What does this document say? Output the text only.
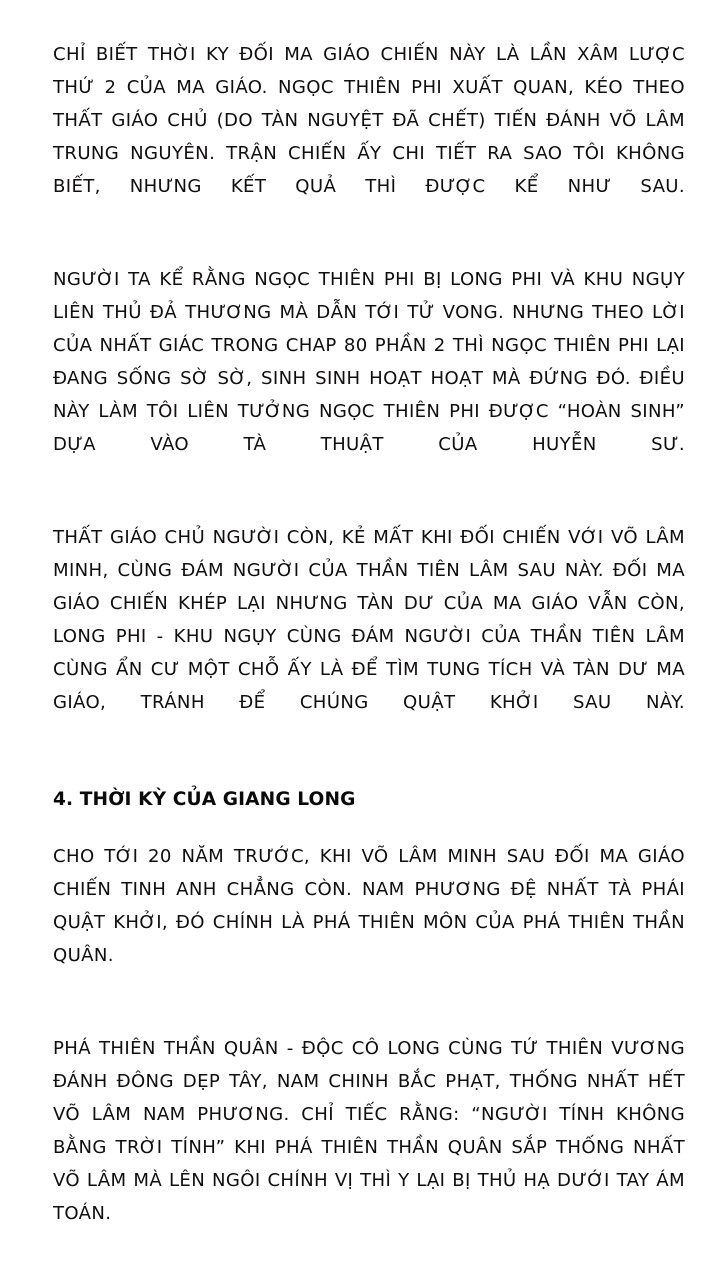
CHỈ BIẾT THỜI KY ĐỐI MA GIÁO CHIẾN NÀY LÀ LẦN XÂM LƯỢC THỨ 2 CỦA MA GIÁO. NGỌC THIÊN PHI XUẤT QUAN, KÉO THEO THẤT GIÁO CHỦ (DO TÀN NGUYỆT ĐÃ CHẾT) TIẾN ĐÁNH VÕ LÂM TRUNG NGUYÊN. TRẬN CHIẾN ẤY CHI TIẾT RA SAO TÔI KHÔNG BIẾT, NHƯNG KẾT QUẢ THÌ ĐƯỢC KỂ NHƯ SAU.

NGƯỜI TA KỂ RẰNG NGỌC THIÊN PHI BỊ LONG PHI VÀ KHU NGỤY LIÊN THỦ ĐẢ THƯƠNG MÀ DẪN TỚI TỬ VONG. NHƯNG THEO LỜI CỦA NHẤT GIÁC TRONG CHAP 80 PHẦN 2 THÌ NGỌC THIÊN PHI LẠI ĐANG SỐNG SỜ SỜ, SINH SINH HOẠT HOẠT MÀ ĐỨNG ĐÓ. ĐIỀU NÀY LÀM TÔI LIÊN TƯỞNG NGỌC THIÊN PHI ĐƯỢC “HOÀN SINH” DỰA VÀO TÀ THUẬT CỦA HUYỄN SƯ.

THẤT GIÁO CHỦ NGƯỜI CÒN, KẺ MẤT KHI ĐỐI CHIẾN VỚI VÕ LÂM MINH, CÙNG ĐÁM NGƯỜI CỦA THẦN TIÊN LÂM SAU NÀY. ĐỐI MA GIÁO CHIẾN KHÉP LẠI NHƯNG TÀN DƯ CỦA MA GIÁO VẪN CÒN, LONG PHI - KHU NGỤY CÙNG ĐÁM NGƯỜI CỦA THẦN TIÊN LÂM CÙNG ẨN CƯ MỘT CHỖ ẤY LÀ ĐỂ TÌM TUNG TÍCH VÀ TÀN DƯ MA GIÁO, TRÁNH ĐỂ CHÚNG QUẬT KHỞI SAU NÀY.

4. THỜI KỲ CỦA GIANG LONG

CHO TỚI 20 NĂM TRƯỚC, KHI VÕ LÂM MINH SAU ĐỐI MA GIÁO CHIẾN TINH ANH CHẲNG CÒN. NAM PHƯƠNG ĐỆ NHẤT TÀ PHÁI QUẬT KHỞI, ĐÓ CHÍNH LÀ PHÁ THIÊN MÔN CỦA PHÁ THIÊN THẦN QUÂN.

PHÁ THIÊN THẦN QUÂN - ĐỘC CÔ LONG CÙNG TỨ THIÊN VƯƠNG ĐÁNH ĐÔNG DẸP TÂY, NAM CHINH BẮC PHẠT, THỐNG NHẤT HẾT VÕ LÂM NAM PHƯƠNG. CHỈ TIẾC RẰNG: “NGƯỜI TÍNH KHÔNG BẰNG TRỜI TÍNH” KHI PHÁ THIÊN THẦN QUÂN SẮP THỐNG NHẤT VÕ LÂM MÀ LÊN NGÔI CHÍNH VỊ THÌ Y LẠI BỊ THỦ HẠ DƯỚI TAY ÁM TOÁN.
